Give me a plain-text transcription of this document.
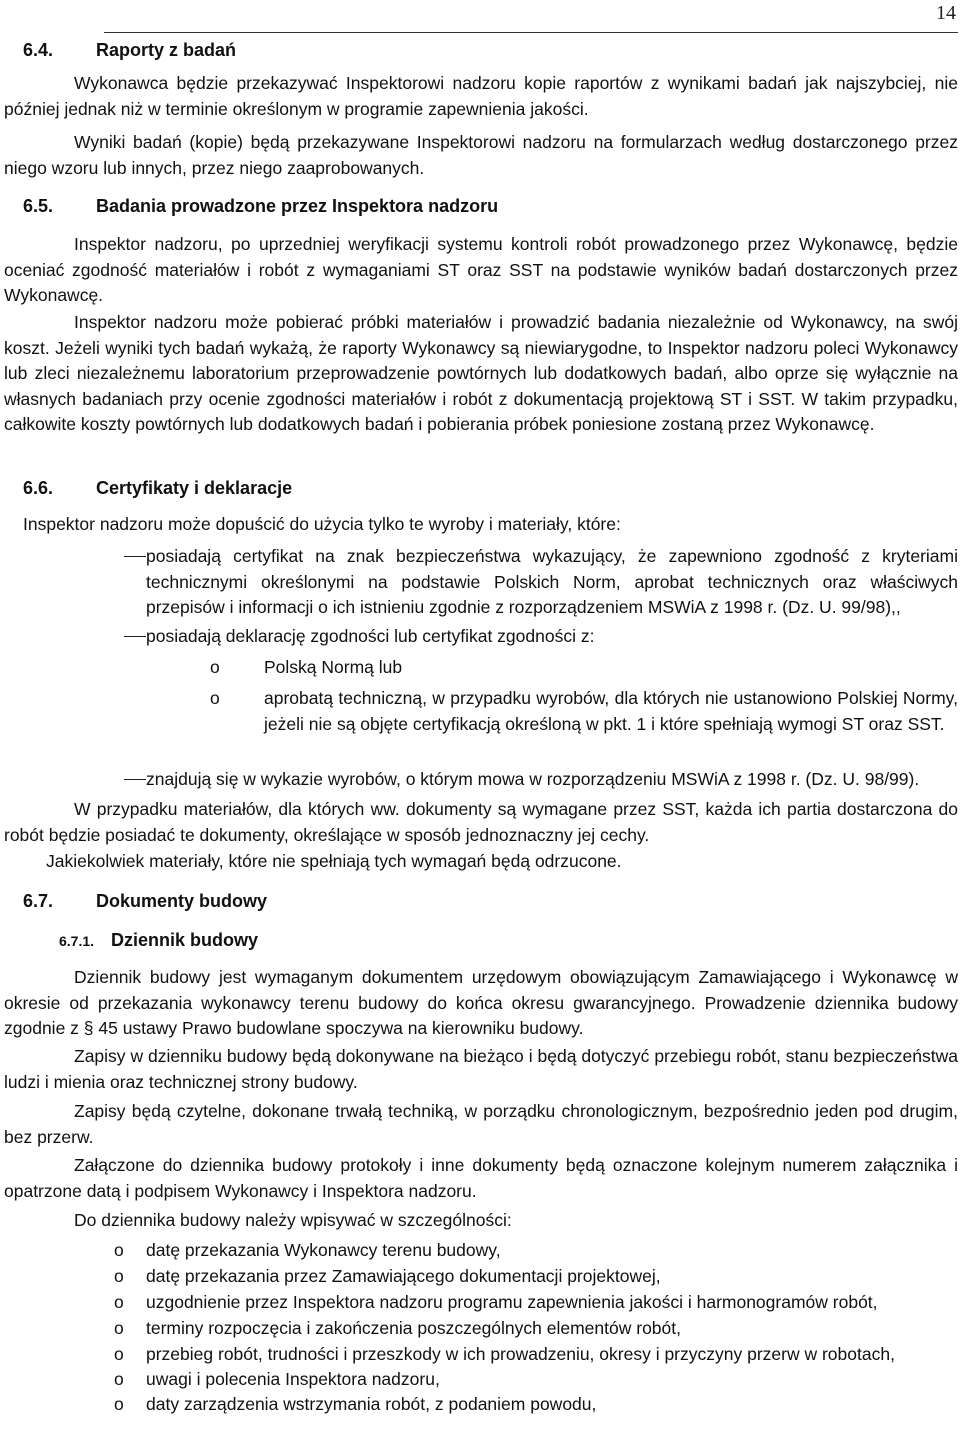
14
6.4. Raporty z badań

Wykonawca będzie przekazywać Inspektorowi nadzoru kopie raportów z wynikami badań jak najszybciej, nie później jednak niż w terminie określonym w programie zapewnienia jakości.

Wyniki badań (kopie) będą przekazywane Inspektorowi nadzoru na formularzach według dostarczonego przez niego wzoru lub innych, przez niego zaaprobowanych.

6.5. Badania prowadzone przez Inspektora nadzoru

Inspektor nadzoru, po uprzedniej weryfikacji systemu kontroli robót prowadzonego przez Wykonawcę, będzie oceniać zgodność materiałów i robót z wymaganiami ST oraz SST na podstawie wyników badań dostarczonych przez Wykonawcę.

Inspektor nadzoru może pobierać próbki materiałów i prowadzić badania niezależnie od Wykonawcy, na swój koszt. Jeżeli wyniki tych badań wykażą, że raporty Wykonawcy są niewiarygodne, to Inspektor nadzoru poleci Wykonawcy lub zleci niezależnemu laboratorium przeprowadzenie powtórnych lub dodatkowych badań, albo oprze się wyłącznie na własnych badaniach przy ocenie zgodności materiałów i robót z dokumentacją projektową ST i SST. W takim przypadku, całkowite koszty powtórnych lub dodatkowych badań i pobierania próbek poniesione zostaną przez Wykonawcę.

6.6. Certyfikaty i deklaracje

Inspektor nadzoru może dopuścić do użycia tylko te wyroby i materiały, które:

posiadają certyfikat na znak bezpieczeństwa wykazujący, że zapewniono zgodność z kryteriami technicznymi określonymi na podstawie Polskich Norm, aprobat technicznych oraz właściwych przepisów i informacji o ich istnieniu zgodnie z rozporządzeniem MSWiA z 1998 r. (Dz. U. 99/98),,
posiadają deklarację zgodności lub certyfikat zgodności z:
o	Polską Normą lub
o	aprobatą techniczną, w przypadku wyrobów, dla których nie ustanowiono Polskiej Normy, jeżeli nie są objęte certyfikacją określoną w pkt. 1 i które spełniają wymogi ST oraz SST.
znajdują się w wykazie wyrobów, o którym mowa w rozporządzeniu MSWiA z 1998 r. (Dz. U. 98/99).

W przypadku materiałów, dla których ww. dokumenty są wymagane przez SST, każda ich partia dostarczona do robót będzie posiadać te dokumenty, określające w sposób jednoznaczny jej cechy.

Jakiekolwiek materiały, które nie spełniają tych wymagań będą odrzucone.

6.7. Dokumenty budowy
6.7.1. Dziennik budowy

Dziennik budowy jest wymaganym dokumentem urzędowym obowiązującym Zamawiającego i Wykonawcę w okresie od przekazania wykonawcy terenu budowy do końca okresu gwarancyjnego. Prowadzenie dziennika budowy zgodnie z § 45 ustawy Prawo budowlane spoczywa na kierowniku budowy.

Zapisy w dzienniku budowy będą dokonywane na bieżąco i będą dotyczyć przebiegu robót, stanu bezpieczeństwa ludzi i mienia oraz technicznej strony budowy.

Zapisy będą czytelne, dokonane trwałą techniką, w porządku chronologicznym, bezpośrednio jeden pod drugim, bez przerw.

Załączone do dziennika budowy protokoły i inne dokumenty będą oznaczone kolejnym numerem załącznika i opatrzone datą i podpisem Wykonawcy i Inspektora nadzoru.

Do dziennika budowy należy wpisywać w szczególności:

o datę przekazania Wykonawcy terenu budowy,
o datę przekazania przez Zamawiającego dokumentacji projektowej,
o uzgodnienie przez Inspektora nadzoru programu zapewnienia jakości i harmonogramów robót,
o terminy rozpoczęcia i zakończenia poszczególnych elementów robót,
o przebieg robót, trudności i przeszkody w ich prowadzeniu, okresy i przyczyny przerw w robotach,
o uwagi i polecenia Inspektora nadzoru,
o daty zarządzenia wstrzymania robót, z podaniem powodu,
